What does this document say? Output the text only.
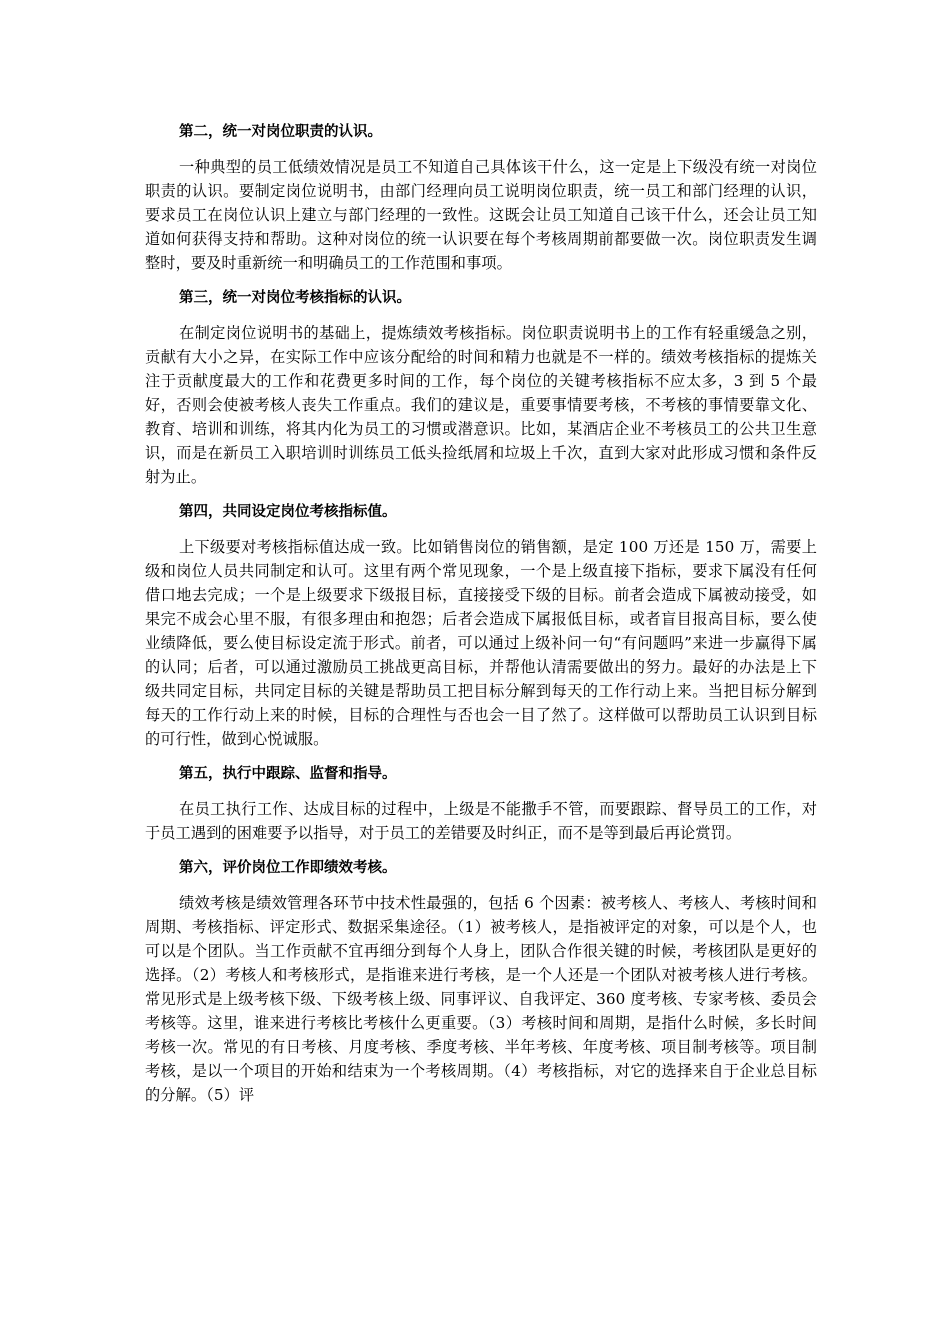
第二，统一对岗位职责的认识。

一种典型的员工低绩效情况是员工不知道自己具体该干什么，这一定是上下级没有统一对岗位职责的认识。要制定岗位说明书，由部门经理向员工说明岗位职责，统一员工和部门经理的认识，要求员工在岗位认识上建立与部门经理的一致性。这既会让员工知道自己该干什么，还会让员工知道如何获得支持和帮助。这种对岗位的统一认识要在每个考核周期前都要做一次。岗位职责发生调整时，要及时重新统一和明确员工的工作范围和事项。

第三，统一对岗位考核指标的认识。

在制定岗位说明书的基础上，提炼绩效考核指标。岗位职责说明书上的工作有轻重缓急之别，贡献有大小之异，在实际工作中应该分配给的时间和精力也就是不一样的。绩效考核指标的提炼关注于贡献度最大的工作和花费更多时间的工作，每个岗位的关键考核指标不应太多，3 到 5 个最好，否则会使被考核人丧失工作重点。我们的建议是，重要事情要考核，不考核的事情要靠文化、教育、培训和训练，将其内化为员工的习惯或潜意识。比如，某酒店企业不考核员工的公共卫生意识，而是在新员工入职培训时训练员工低头捡纸屑和垃圾上千次，直到大家对此形成习惯和条件反射为止。

第四，共同设定岗位考核指标值。

上下级要对考核指标值达成一致。比如销售岗位的销售额，是定 100 万还是 150 万，需要上级和岗位人员共同制定和认可。这里有两个常见现象，一个是上级直接下指标，要求下属没有任何借口地去完成；一个是上级要求下级报目标，直接接受下级的目标。前者会造成下属被动接受，如果完不成会心里不服，有很多理由和抱怨；后者会造成下属报低目标，或者盲目报高目标，要么使业绩降低，要么使目标设定流于形式。前者，可以通过上级补问一句“有问题吗”来进一步赢得下属的认同；后者，可以通过激励员工挑战更高目标，并帮他认清需要做出的努力。最好的办法是上下级共同定目标，共同定目标的关键是帮助员工把目标分解到每天的工作行动上来。当把目标分解到每天的工作行动上来的时候，目标的合理性与否也会一目了然了。这样做可以帮助员工认识到目标的可行性，做到心悦诚服。

第五，执行中跟踪、监督和指导。

在员工执行工作、达成目标的过程中，上级是不能撒手不管，而要跟踪、督导员工的工作，对于员工遇到的困难要予以指导，对于员工的差错要及时纠正，而不是等到最后再论赏罚。

第六，评价岗位工作即绩效考核。

绩效考核是绩效管理各环节中技术性最强的，包括 6 个因素：被考核人、考核人、考核时间和周期、考核指标、评定形式、数据采集途径。（1）被考核人，是指被评定的对象，可以是个人，也可以是个团队。当工作贡献不宜再细分到每个人身上，团队合作很关键的时候，考核团队是更好的选择。（2）考核人和考核形式，是指谁来进行考核，是一个人还是一个团队对被考核人进行考核。常见形式是上级考核下级、下级考核上级、同事评议、自我评定、360 度考核、专家考核、委员会考核等。这里，谁来进行考核比考核什么更重要。（3）考核时间和周期，是指什么时候，多长时间考核一次。常见的有日考核、月度考核、季度考核、半年考核、年度考核、项目制考核等。项目制考核，是以一个项目的开始和结束为一个考核周期。（4）考核指标，对它的选择来自于企业总目标的分解。（5）评
